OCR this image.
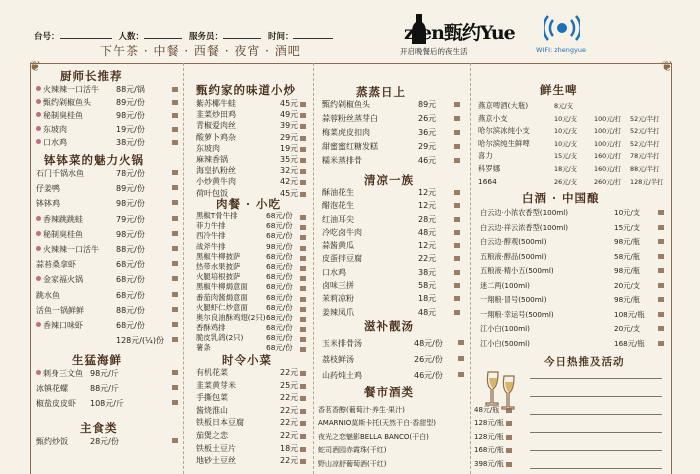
台号：	人数：	服务员：	时间：
下午茶 · 中餐 · 西餐 · 夜宵 · 酒吧
zlen甄约Yue
开启晚餐后的夜生活	WIFI: zhengyue
❦	❦
厨师长推荐
火辣辣一口活牛 88元/锅
甄约剁椒鱼头	89元/份
秘制臭桂鱼	98元/份
东坡肉	19元/份
口水鸡	38元/份
钵钵菜的魅力火锅
石门千锅水鱼	78元/份
仔姜鸭	89元/份
钵钵鸡	98元/份
香辣跳跳蛙	79元/份
秘制臭桂鱼	98元/份
火辣辣一口活牛 88元/份
蒜苔桑拿虾	68元/份
金家福火锅	68元/份
跳水鱼	68元/份
活鱼一锅鲜鲜	88元/份
香辣口味虾	68元/份
128元/(¼)份
生猛海鲜
刺身三文鱼 98元/斤
冰镇花螺	88元/斤
椒盐皮皮虾 108元/斤
主食类
甄约炒饭	28元/份
甄约家的味道小炒
紫苏椰牛蛙	45元
韭菜炒田鸡	49元
青椒爱肉丝	39元
酸萝卜鸡杂	29元
东坡肉	19元
麻辣香锅	35元
海皇扒粉丝	32元
小炒黄牛肉	42元
荷叶包饭	45元
肉餐 · 小吃
黑椒T骨牛排	68元/份
菲力牛排	68元/份
西冷牛排	68元/份
战斧牛排	98元/份
黑椒牛柳披萨	68元/份
热带水果披萨	68元/份
火腿培根披萨	68元/份
黑椒牛柳焗意面 68元/份
番茄肉酱焗意面 68元/份
火腿虾仁炒意面 68元/份
奥尔良油酥鸡翅(2只) 68元/份
香酥鸡排	68元/份
脆皮乳鸽(2只)	68元/份
薯条	68元/份
时令小菜
有机花菜	22元
韭菜黄芽米	25元
手撕包菜	22元
酱烧淮山	22元
铁板日本豆腐	22元
茄煲之恋	22元
铁板土豆片	18元
地砂土豆丝	22元
蒸蒸日上
甄约剁椒鱼头	89元
蒜蓉粉丝蒸芽白	26元
梅菜虎皮扣肉	36元
甜蜜蜜红糖发糕	29元
糯米蒸排骨	46元
清凉一族
酥油花生	12元
醋泡花生	12元
红油耳尖	28元
冷吃卤牛肉	48元
蒜酱黄瓜	12元
皮蛋拌豆腐	22元
口水鸡	38元
卤味三拼	58元
茉莉凉粉	18元
姜辣凤爪	48元
滋补靓汤
玉米排骨汤	48元/份
荔枝鲜汤	26元/份
山药炖土鸡	46元/份
餐市酒类
香茗香醇(葡萄汁·养生·果汁)	48元/瓶
AMARNIO莫斯卡托(天然干白·香甜型)	128元/瓶
夜光之恋魅影BELLA BANCO(干白)	128元/瓶
蛇司酒园赤霞珠(干红)	168元/瓶
野山凉舒葡萄酒(干红)	398元/瓶
鲜生啤
燕京啤酒(大瓶)	8元/支
燕京小支	10元/支	100元/打 52元/半打
哈尔滨冰纯小支	10元/支	100元/打 52元/半打
哈尔滨纯生鲜啤	10元/支	100元/打 52元/半打
喜力	15元/支	160元/打 78元/半打
科罗娜	18元/支	160元/打 88元/半打
1664	26元/支	260元/打 128元/半打
白酒 · 中国酿
白云边·小浓农香型(100ml)	10元/支
白云边·祥云浓香型(100ml)	15元/支
白云边·醇观(500ml)	98元/瓶
五粮液·醇品(500ml)	58元/瓶
五粮液·精小五(500ml)	98元/瓶
迷二两(100ml)	20元/支
一翔粮·冒号(500ml)	98元/瓶
一翔粮·幸运号(500ml)	108元/瓶
江小白(100ml)	20元/支
江小白(500ml)	168元/瓶
今日热推及活动
